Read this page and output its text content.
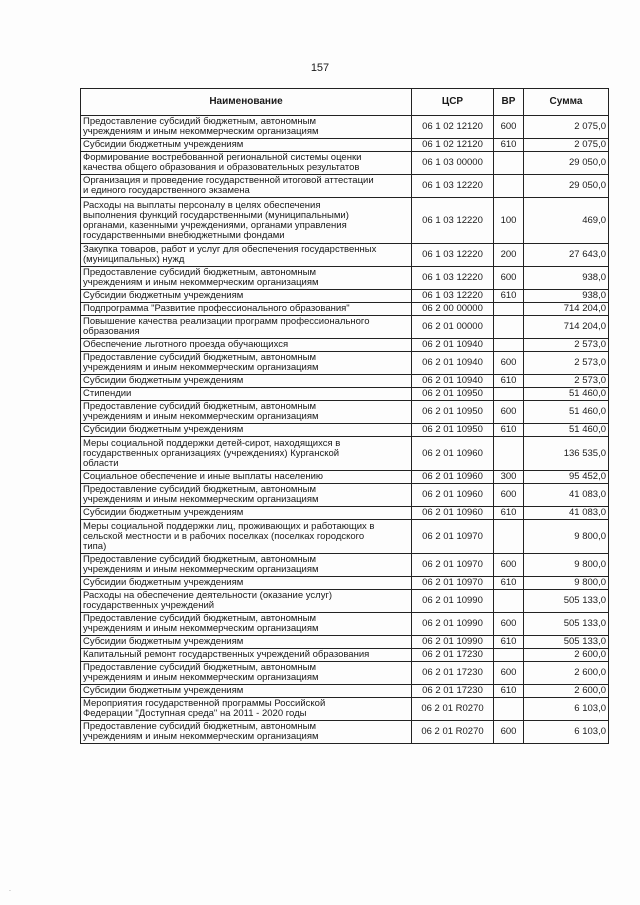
157
Наименование	ЦСР	ВР	Сумма

Предоставление субсидий бюджетным, автономным
учреждениям и иным некоммерческим организациям	06 1 02 12120	600	2 075,0

Субсидии бюджетным учреждениям	06 1 02 12120	610	2 075,0

Формирование востребованной региональной системы оценки
качества общего образования и образовательных результатов	06 1 03 00000		29 050,0

Организация и проведение государственной итоговой аттестации
и единого государственного экзамена	06 1 03 12220		29 050,0

Расходы на выплаты персоналу в целях обеспечения
выполнения функций государственными (муниципальными)
органами, казенными учреждениями, органами управления
государственными внебюджетными фондами	06 1 03 12220	100	469,0

Закупка товаров, работ и услуг для обеспечения государственных
(муниципальных) нужд	06 1 03 12220	200	27 643,0

Предоставление субсидий бюджетным, автономным
учреждениям и иным некоммерческим организациям	06 1 03 12220	600	938,0

Субсидии бюджетным учреждениям	06 1 03 12220	610	938,0

Подпрограмма "Развитие профессионального образования"	06 2 00 00000		714 204,0

Повышение качества реализации программ профессионального
образования	06 2 01 00000		714 204,0

Обеспечение льготного проезда обучающихся	06 2 01 10940		2 573,0

Предоставление субсидий бюджетным, автономным
учреждениям и иным некоммерческим организациям	06 2 01 10940	600	2 573,0

Субсидии бюджетным учреждениям	06 2 01 10940	610	2 573,0

Стипендии	06 2 01 10950		51 460,0

Предоставление субсидий бюджетным, автономным
учреждениям и иным некоммерческим организациям	06 2 01 10950	600	51 460,0

Субсидии бюджетным учреждениям	06 2 01 10950	610	51 460,0

Меры социальной поддержки детей-сирот, находящихся в
государственных организациях (учреждениях) Курганской
области	06 2 01 10960		136 535,0

Социальное обеспечение и иные выплаты населению	06 2 01 10960	300	95 452,0

Предоставление субсидий бюджетным, автономным
учреждениям и иным некоммерческим организациям	06 2 01 10960	600	41 083,0

Субсидии бюджетным учреждениям	06 2 01 10960	610	41 083,0

Меры социальной поддержки лиц, проживающих и работающих в
сельской местности и в рабочих поселках (поселках городского
типа)	06 2 01 10970		9 800,0

Предоставление субсидий бюджетным, автономным
учреждениям и иным некоммерческим организациям	06 2 01 10970	600	9 800,0

Субсидии бюджетным учреждениям	06 2 01 10970	610	9 800,0

Расходы на обеспечение деятельности (оказание услуг)
государственных учреждений	06 2 01 10990		505 133,0

Предоставление субсидий бюджетным, автономным
учреждениям и иным некоммерческим организациям	06 2 01 10990	600	505 133,0

Субсидии бюджетным учреждениям	06 2 01 10990	610	505 133,0

Капитальный ремонт государственных учреждений образования	06 2 01 17230		2 600,0

Предоставление субсидий бюджетным, автономным
учреждениям и иным некоммерческим организациям	06 2 01 17230	600	2 600,0

Субсидии бюджетным учреждениям	06 2 01 17230	610	2 600,0

Мероприятия государственной программы Российской
Федерации "Доступная среда" на 2011 - 2020 годы	06 2 01 R0270		6 103,0

Предоставление субсидий бюджетным, автономным
учреждениям и иным некоммерческим организациям	06 2 01 R0270	600	6 103,0
.
